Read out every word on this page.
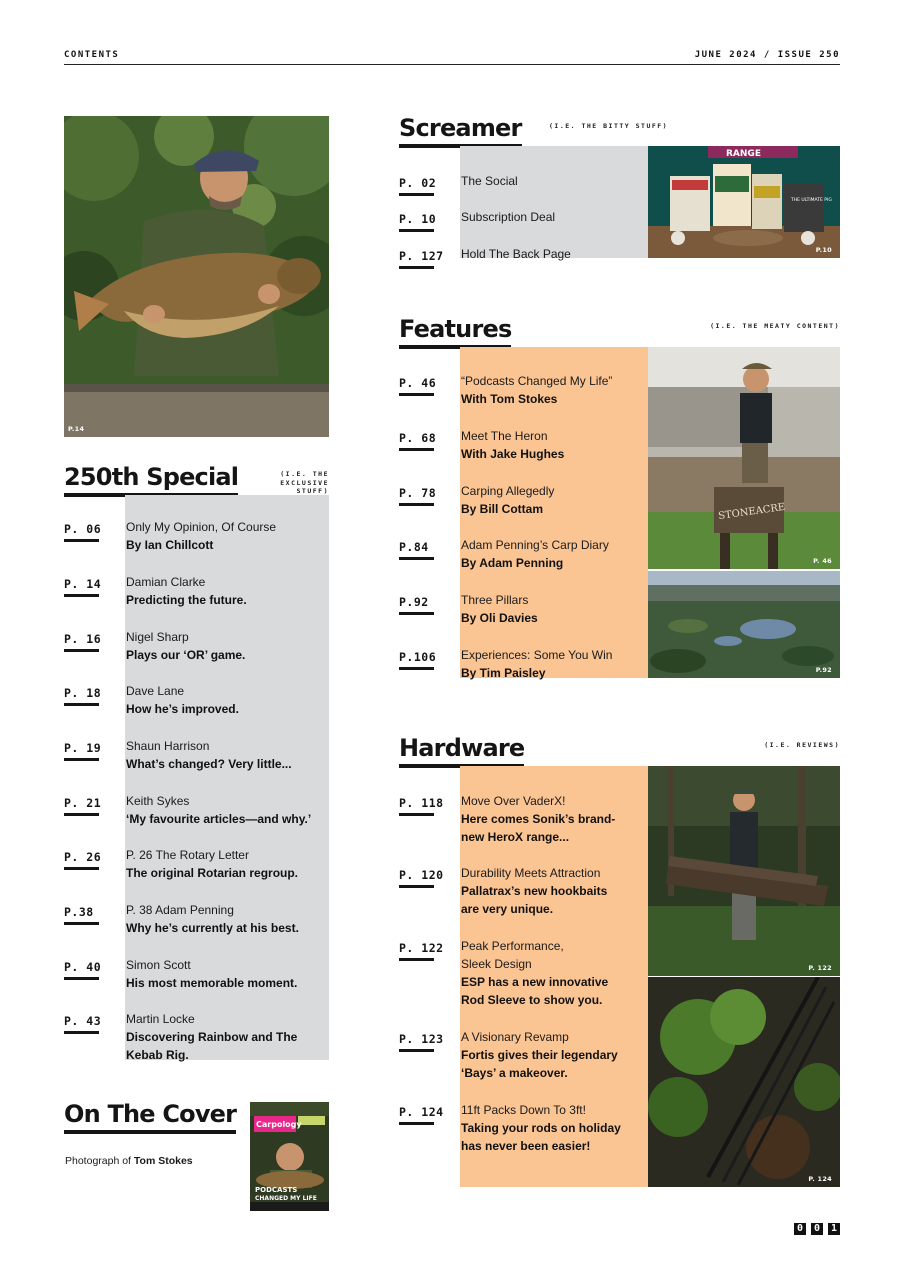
CONTENTS	JUNE 2024 / ISSUE 250
P.14
250th Special	(I.E. THE
EXCLUSIVE
STUFF)
P. 06 Only My Opinion, Of Course
By Ian Chillcott
P. 14 Damian Clarke
Predicting the future.
P. 16 Nigel Sharp
Plays our ‘OR’ game.
P. 18 Dave Lane
How he’s improved.
P. 19 Shaun Harrison
What’s changed? Very little...
P. 21 Keith Sykes
‘My favourite articles—and why.’
P. 26 P. 26 The Rotary Letter
The original Rotarian regroup.
P.38	P. 38 Adam Penning
Why he’s currently at his best.
P. 40 Simon Scott
His most memorable moment.
P. 43 Martin Locke
Discovering Rainbow and The Kebab Rig.
On The Cover
Photograph of Tom Stokes
Carpology
PODCASTS
CHANGED MY LIFE
Screamer	(I.E. THE BITTY STUFF)
P. 02 The Social
P. 10 Subscription Deal
P. 127 Hold The Back Page
RANGE
THE ULTIMATE PIG
P.10
Features	(I.E. THE MEATY CONTENT)
P. 46 “Podcasts Changed My Life”
With Tom Stokes
P. 68 Meet The Heron
With Jake Hughes
P. 78 Carping Allegedly
By Bill Cottam
P.84	Adam Penning’s Carp Diary
By Adam Penning
P.92	Three Pillars
By Oli Davies
P.106 Experiences: Some You Win
By Tim Paisley
STONEACRE
P. 46
P.92
Hardware	(I.E. REVIEWS)
P. 118 Move Over VaderX!
Here comes Sonik’s brand-new HeroX range...
P. 120 Durability Meets Attraction
Pallatrax’s new hookbaits are very unique.
P. 122 Peak Performance, Sleek Design
ESP has a new innovative Rod Sleeve to show you.
P. 123 A Visionary Revamp
Fortis gives their legendary ‘Bays’ a makeover.
P. 124 11ft Packs Down To 3ft!
Taking your rods on holiday has never been easier!
P. 122
P. 124
0 0 1
